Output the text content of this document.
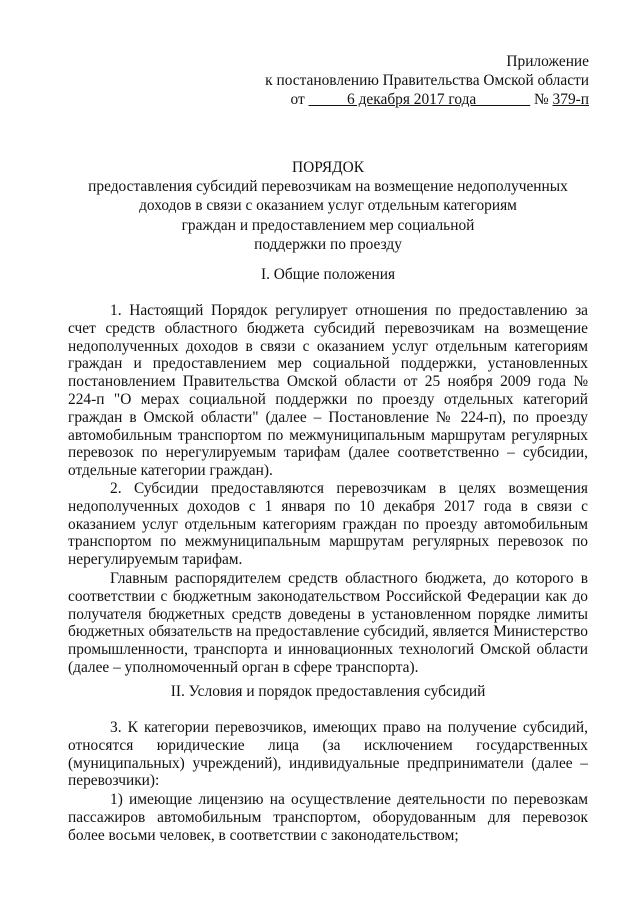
Приложение
к постановлению Правительства Омской области
от _____6 декабря 2017 года_______ № 379-п
ПОРЯДОК
предоставления субсидий перевозчикам на возмещение недополученных
доходов в связи с оказанием услуг отдельным категориям
граждан и предоставлением мер социальной
поддержки по проезду
I. Общие положения

1. Настоящий Порядок регулирует отношения по предоставлению за счет средств областного бюджета субсидий перевозчикам на возмещение недополученных доходов в связи с оказанием услуг отдельным категориям граждан и предоставлением мер социальной поддержки, установленных постановлением Правительства Омской области от 25 ноября 2009 года № 224-п "О мерах социальной поддержки по проезду отдельных категорий граждан в Омской области" (далее – Постановление № 224-п), по проезду автомобильным транспортом по межмуниципальным маршрутам регулярных перевозок по нерегулируемым тарифам (далее соответственно – субсидии, отдельные категории граждан).

2. Субсидии предоставляются перевозчикам в целях возмещения недополученных доходов с 1 января по 10 декабря 2017 года в связи с оказанием услуг отдельным категориям граждан по проезду автомобильным транспортом по межмуниципальным маршрутам регулярных перевозок по нерегулируемым тарифам.

Главным распорядителем средств областного бюджета, до которого в соответствии с бюджетным законодательством Российской Федерации как до получателя бюджетных средств доведены в установленном порядке лимиты бюджетных обязательств на предоставление субсидий, является Министерство промышленности, транспорта и инновационных технологий Омской области (далее – уполномоченный орган в сфере транспорта).

II. Условия и порядок предоставления субсидий

3. К категории перевозчиков, имеющих право на получение субсидий, относятся юридические лица (за исключением государственных (муниципальных) учреждений), индивидуальные предприниматели (далее – перевозчики):

1) имеющие лицензию на осуществление деятельности по перевозкам пассажиров автомобильным транспортом, оборудованным для перевозок более восьми человек, в соответствии с законодательством;
